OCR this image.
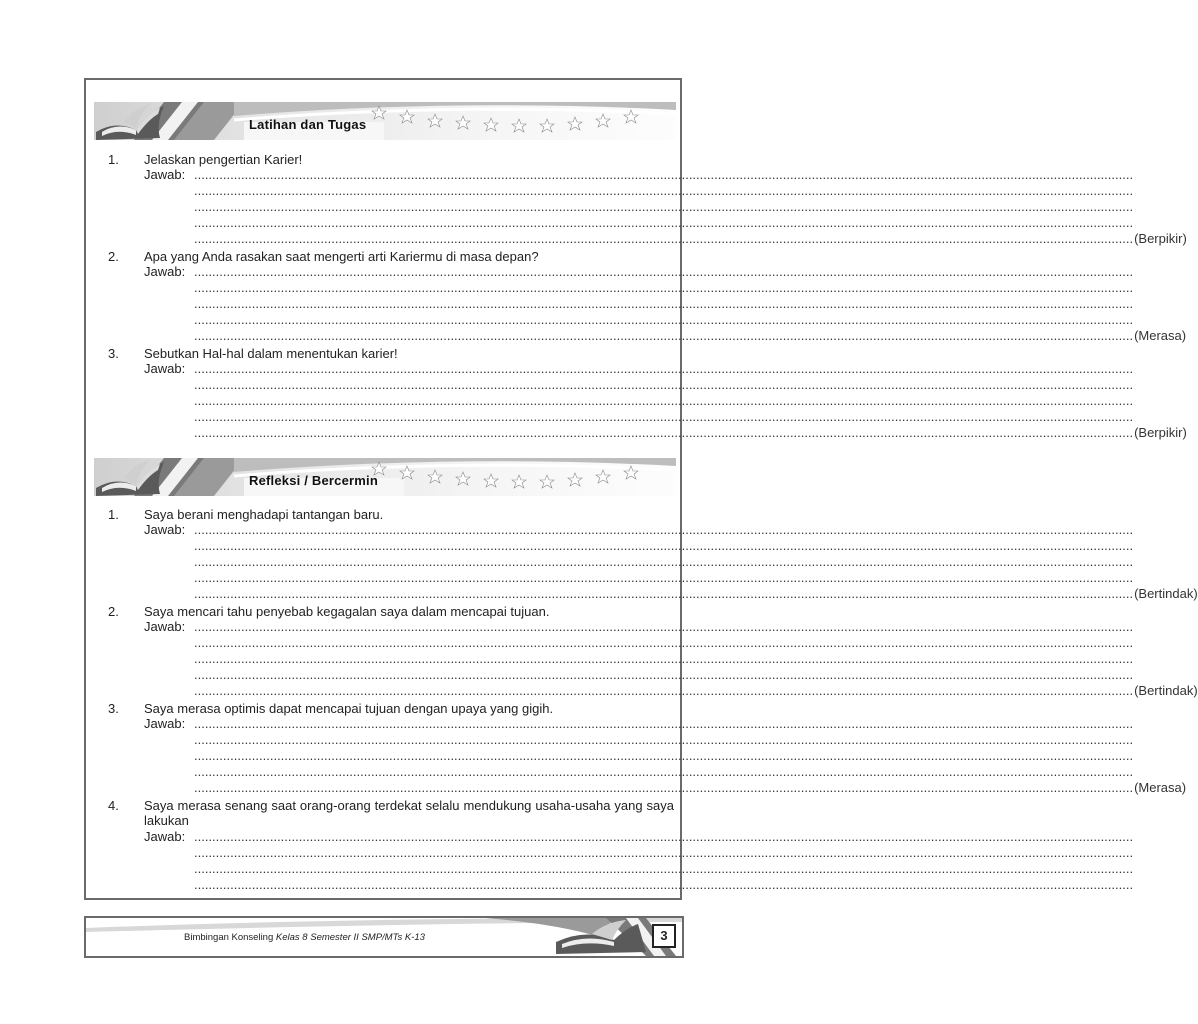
Latihan dan Tugas
1. Jelaskan pengertian Karier!
Jawab: ....................................................................................................................................................................................................................................................................
....................................................................................................................................................................................................................................................................
....................................................................................................................................................................................................................................................................
....................................................................................................................................................................................................................................................................
.................................................................................................................................................................................................................................................................... (Berpikir)
2. Apa yang Anda rasakan saat mengerti arti Kariermu di masa depan?
Jawab: ....................................................................................................................................................................................................................................................................
....................................................................................................................................................................................................................................................................
....................................................................................................................................................................................................................................................................
....................................................................................................................................................................................................................................................................
.................................................................................................................................................................................................................................................................... (Merasa)
3. Sebutkan Hal-hal dalam menentukan karier!
Jawab: ....................................................................................................................................................................................................................................................................
....................................................................................................................................................................................................................................................................
....................................................................................................................................................................................................................................................................
....................................................................................................................................................................................................................................................................
.................................................................................................................................................................................................................................................................... (Berpikir)
Refleksi / Bercermin
1. Saya berani menghadapi tantangan baru.
Jawab: ....................................................................................................................................................................................................................................................................
....................................................................................................................................................................................................................................................................
....................................................................................................................................................................................................................................................................
....................................................................................................................................................................................................................................................................
.................................................................................................................................................................................................................................................................... (Bertindak)
2. Saya mencari tahu penyebab kegagalan saya dalam mencapai tujuan.
Jawab: ....................................................................................................................................................................................................................................................................
....................................................................................................................................................................................................................................................................
....................................................................................................................................................................................................................................................................
....................................................................................................................................................................................................................................................................
.................................................................................................................................................................................................................................................................... (Bertindak)
3. Saya merasa optimis dapat mencapai tujuan dengan upaya yang gigih.
Jawab: ....................................................................................................................................................................................................................................................................
....................................................................................................................................................................................................................................................................
....................................................................................................................................................................................................................................................................
....................................................................................................................................................................................................................................................................
.................................................................................................................................................................................................................................................................... (Merasa)
4. Saya merasa senang saat orang-orang terdekat selalu mendukung usaha-usaha yang saya lakukan
Jawab: ....................................................................................................................................................................................................................................................................
....................................................................................................................................................................................................................................................................
....................................................................................................................................................................................................................................................................
....................................................................................................................................................................................................................................................................
Bimbingan Konseling Kelas 8 Semester II SMP/MTs K-13	3
